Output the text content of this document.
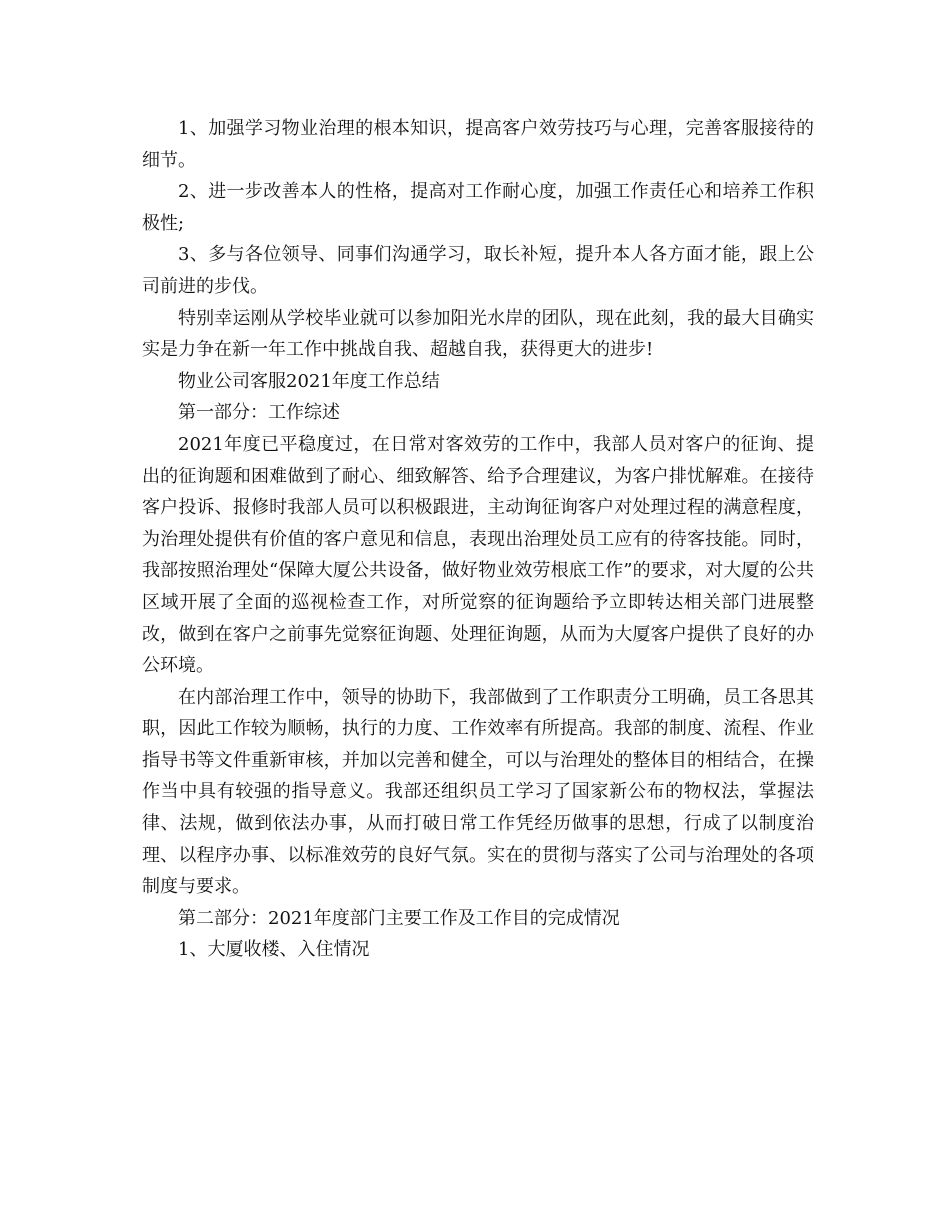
1、加强学习物业治理的根本知识，提高客户效劳技巧与心理，完善客服接待的细节。

2、进一步改善本人的性格，提高对工作耐心度，加强工作责任心和培养工作积极性;

3、多与各位领导、同事们沟通学习，取长补短，提升本人各方面才能，跟上公司前进的步伐。

特别幸运刚从学校毕业就可以参加阳光水岸的团队，现在此刻，我的最大目确实实是力争在新一年工作中挑战自我、超越自我，获得更大的进步!

物业公司客服2021年度工作总结

第一部分：工作综述

2021年度已平稳度过，在日常对客效劳的工作中，我部人员对客户的征询、提出的征询题和困难做到了耐心、细致解答、给予合理建议，为客户排忧解难。在接待客户投诉、报修时我部人员可以积极跟进，主动询征询客户对处理过程的满意程度，为治理处提供有价值的客户意见和信息，表现出治理处员工应有的待客技能。同时，我部按照治理处“保障大厦公共设备，做好物业效劳根底工作”的要求，对大厦的公共区域开展了全面的巡视检查工作，对所觉察的征询题给予立即转达相关部门进展整改，做到在客户之前事先觉察征询题、处理征询题，从而为大厦客户提供了良好的办公环境。

在内部治理工作中，领导的协助下，我部做到了工作职责分工明确，员工各思其职，因此工作较为顺畅，执行的力度、工作效率有所提高。我部的制度、流程、作业指导书等文件重新审核，并加以完善和健全，可以与治理处的整体目的相结合，在操作当中具有较强的指导意义。我部还组织员工学习了国家新公布的物权法，掌握法律、法规，做到依法办事，从而打破日常工作凭经历做事的思想，行成了以制度治理、以程序办事、以标准效劳的良好气氛。实在的贯彻与落实了公司与治理处的各项制度与要求。

第二部分：2021年度部门主要工作及工作目的完成情况

1、大厦收楼、入住情况
